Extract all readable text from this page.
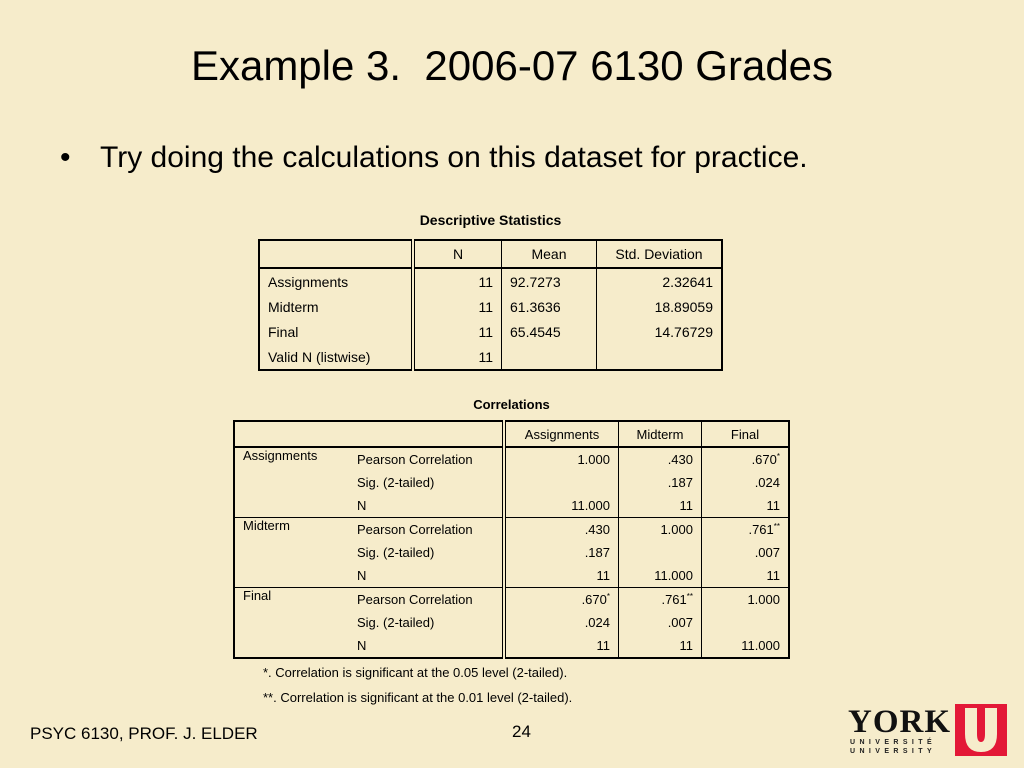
Example 3.  2006-07 6130 Grades
• Try doing the calculations on this dataset for practice.
Descriptive Statistics
	N	Mean	Std. Deviation
Assignments	11	92.7273	2.32641
Midterm	11	61.3636	18.89059
Final	11	65.4545	14.76729
Valid N (listwise)	11		
Correlations
		Assignments	Midterm	Final
Assignments	Pearson Correlation	1.000	.430	.670*
	Sig. (2-tailed)		.187	.024
	N	11.000	11	11
Midterm	Pearson Correlation	.430	1.000	.761**
	Sig. (2-tailed)	.187		.007
	N	11	11.000	11
Final	Pearson Correlation	.670*	.761**	1.000
	Sig. (2-tailed)	.024	.007	
	N	11	11	11.000
*. Correlation is significant at the 0.05 level (2-tailed).
**. Correlation is significant at the 0.01 level (2-tailed).
PSYC 6130, PROF. J. ELDER	24	YORK
UNIVERSITÉ UNIVERSITY
